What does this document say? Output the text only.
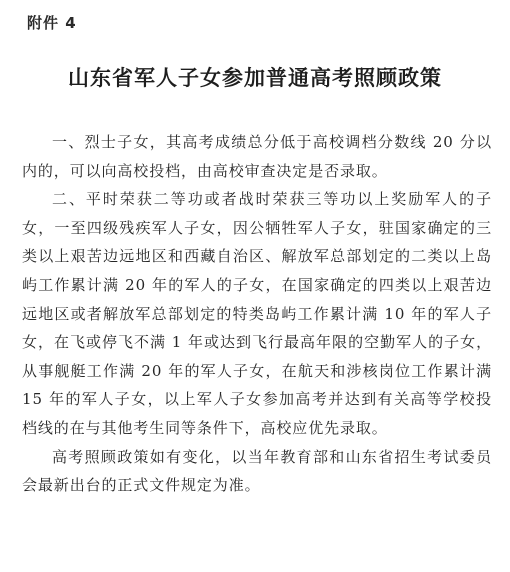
附件 4
山东省军人子女参加普通高考照顾政策

一、烈士子女，其高考成绩总分低于高校调档分数线 20 分以内的，可以向高校投档，由高校审查决定是否录取。

二、平时荣获二等功或者战时荣获三等功以上奖励军人的子女，一至四级残疾军人子女，因公牺牲军人子女，驻国家确定的三类以上艰苦边远地区和西藏自治区、解放军总部划定的二类以上岛屿工作累计满 20 年的军人的子女，在国家确定的四类以上艰苦边远地区或者解放军总部划定的特类岛屿工作累计满 10 年的军人子女，在飞或停飞不满 1 年或达到飞行最高年限的空勤军人的子女，从事舰艇工作满 20 年的军人子女，在航天和涉核岗位工作累计满 15 年的军人子女，以上军人子女参加高考并达到有关高等学校投档线的在与其他考生同等条件下，高校应优先录取。

高考照顾政策如有变化，以当年教育部和山东省招生考试委员会最新出台的正式文件规定为准。
